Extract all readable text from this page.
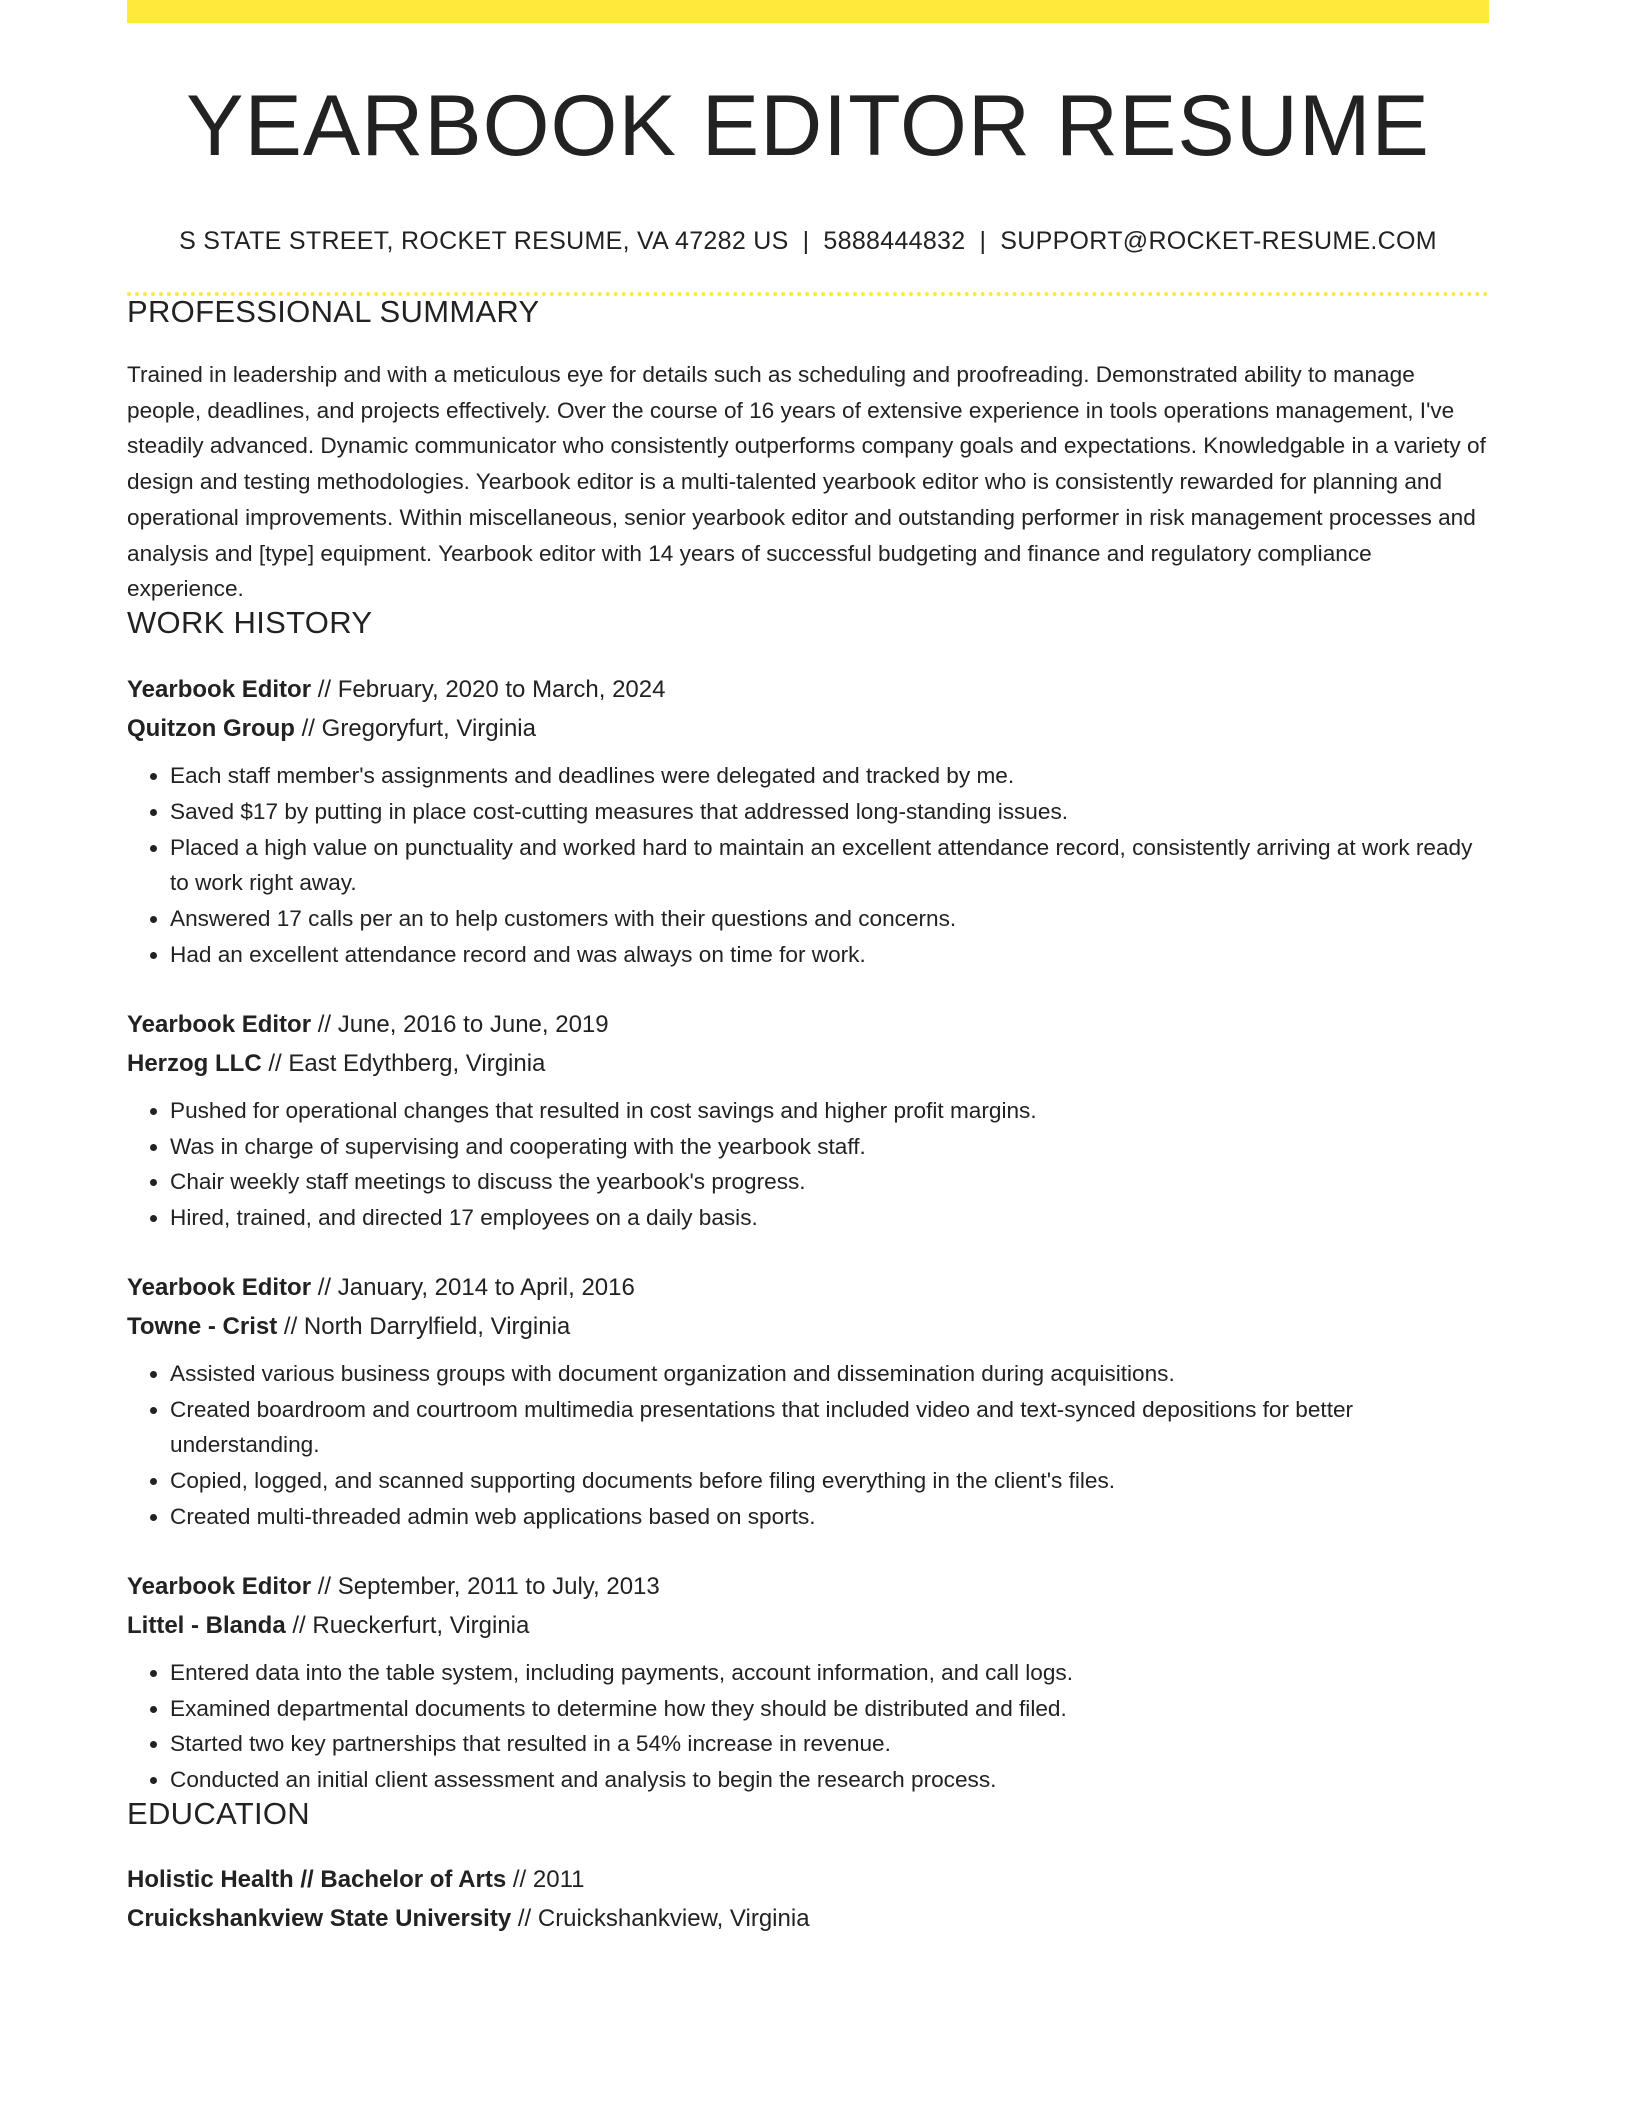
YEARBOOK EDITOR RESUME
S STATE STREET, ROCKET RESUME, VA 47282 US | 5888444832 | SUPPORT@ROCKET-RESUME.COM
PROFESSIONAL SUMMARY
Trained in leadership and with a meticulous eye for details such as scheduling and proofreading. Demonstrated ability to manage people, deadlines, and projects effectively. Over the course of 16 years of extensive experience in tools operations management, I've steadily advanced. Dynamic communicator who consistently outperforms company goals and expectations. Knowledgable in a variety of design and testing methodologies. Yearbook editor is a multi-talented yearbook editor who is consistently rewarded for planning and operational improvements. Within miscellaneous, senior yearbook editor and outstanding performer in risk management processes and analysis and [type] equipment. Yearbook editor with 14 years of successful budgeting and finance and regulatory compliance experience.
WORK HISTORY
Yearbook Editor // February, 2020 to March, 2024
Quitzon Group // Gregoryfurt, Virginia
• Each staff member's assignments and deadlines were delegated and tracked by me.
• Saved $17 by putting in place cost-cutting measures that addressed long-standing issues.
• Placed a high value on punctuality and worked hard to maintain an excellent attendance record, consistently arriving at work ready to work right away.
• Answered 17 calls per an to help customers with their questions and concerns.
• Had an excellent attendance record and was always on time for work.
Yearbook Editor // June, 2016 to June, 2019
Herzog LLC // East Edythberg, Virginia
• Pushed for operational changes that resulted in cost savings and higher profit margins.
• Was in charge of supervising and cooperating with the yearbook staff.
• Chair weekly staff meetings to discuss the yearbook's progress.
• Hired, trained, and directed 17 employees on a daily basis.
Yearbook Editor // January, 2014 to April, 2016
Towne - Crist // North Darrylfield, Virginia
• Assisted various business groups with document organization and dissemination during acquisitions.
• Created boardroom and courtroom multimedia presentations that included video and text-synced depositions for better understanding.
• Copied, logged, and scanned supporting documents before filing everything in the client's files.
• Created multi-threaded admin web applications based on sports.
Yearbook Editor // September, 2011 to July, 2013
Littel - Blanda // Rueckerfurt, Virginia
• Entered data into the table system, including payments, account information, and call logs.
• Examined departmental documents to determine how they should be distributed and filed.
• Started two key partnerships that resulted in a 54% increase in revenue.
• Conducted an initial client assessment and analysis to begin the research process.
EDUCATION
Holistic Health // Bachelor of Arts // 2011
Cruickshankview State University // Cruickshankview, Virginia
